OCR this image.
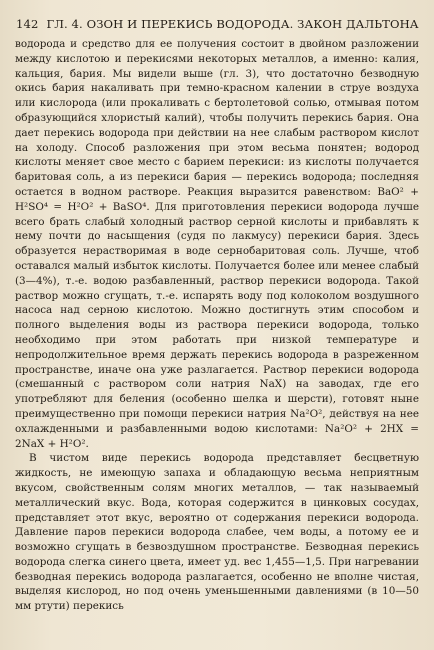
142 ГЛ. 4. ОЗОН И ПЕРЕКИСЬ ВОДОРОДА. ЗАКОН ДАЛЬТОНА

водорода и средство для ее получения состоит в двойном разложении между кислотою и перекисями некоторых металлов, а именно: калия, кальция, бария. Мы видели выше (гл. 3), что достаточно безводную окись бария накаливать при темно-красном калении в струе воздуха или кислорода (или прокаливать с бертолетовой солью, отмывая потом образующийся хлористый калий), чтобы получить перекись бария. Она дает перекись водорода при действии на нее слабым раствором кислот на холоду. Способ разложения при этом весьма понятен; водород кислоты меняет свое место с барием перекиси: из кислоты получается баритовая соль, а из перекиси бария — перекись водорода; последняя остается в водном растворе. Реакция выразится равенством: BaO² + H²SO⁴ = H²O² + BaSO⁴. Для приготовления перекиси водорода лучше всего брать слабый холодный раствор серной кислоты и прибавлять к нему почти до насыщения (судя по лакмусу) перекиси бария. Здесь образуется нерастворимая в воде сернобаритовая соль. Лучше, чтоб оставался малый избыток кислоты. Получается более или менее слабый (3—4%), т.-е. водою разбавленный, раствор перекиси водорода. Такой раствор можно сгущать, т.-е. испарять воду под колоколом воздушного насоса над серною кислотою. Можно достигнуть этим способом и полного выделения воды из раствора перекиси водорода, только необходимо при этом работать при низкой температуре и непродолжительное время держать перекись водорода в разреженном пространстве, иначе она уже разлагается. Раствор перекиси водорода (смешанный с раствором соли натрия NaX) на заводах, где его употребляют для беления (особенно шелка и шерсти), готовят ныне преимущественно при помощи перекиси натрия Na²O², действуя на нее охлажденными и разбавленными водою кислотами: Na²O² + 2HX = 2NaX + H²O².

В чистом виде перекись водорода представляет бесцветную жидкость, не имеющую запаха и обладающую весьма неприятным вкусом, свойственным солям многих металлов, — так называемый металлический вкус. Вода, которая содержится в цинковых сосудах, представляет этот вкус, вероятно от содержания перекиси водорода. Давление паров перекиси водорода слабее, чем воды, а потому ее и возможно сгущать в безвоздушном пространстве. Безводная перекись водорода слегка синего цвета, имеет уд. вес 1,455—1,5. При нагревании безводная перекись водорода разлагается, особенно не вполне чистая, выделяя кислород, но под очень уменьшенными давлениями (в 10—50 мм ртути) перекись
